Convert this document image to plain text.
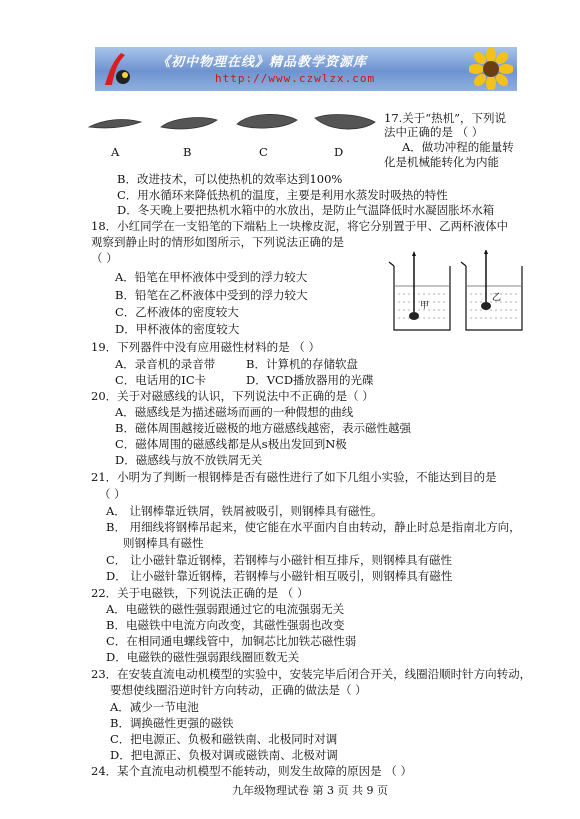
《初中物理在线》精品教学资源库
http://www.czwlzx.com
A	B	C	D
17.关于“热机”，下列说
法中正确的是 （ ）
A．做功冲程的能量转
化是机械能转化为内能
B．改进技术，可以使热机的效率达到100%
C．用水循环来降低热机的温度，主要是利用水蒸发时吸热的特性
D．冬天晚上要把热机水箱中的水放出，是防止气温降低时水凝固胀坏水箱
18．小红同学在一支铅笔的下端粘上一块橡皮泥，将它分别置于甲、乙两杯液体中
观察到静止时的情形如图所示，下列说法正确的是
（ ）
A．铅笔在甲杯液体中受到的浮力较大
B．铅笔在乙杯液体中受到的浮力较大
C．乙杯液体的密度较大
D．甲杯液体的密度较大
甲
乙
19．下列器件中没有应用磁性材料的是 （ ）
A．录音机的录音带	B．计算机的存储软盘
C．电话用的IC卡	D．VCD播放器用的光碟
20．关于对磁感线的认识，下列说法中不正确的是（ ）
A．磁感线是为描述磁场而画的一种假想的曲线
B．磁体周围越接近磁极的地方磁感线越密，表示磁性越强
C．磁体周围的磁感线都是从s极出发回到N极
D．磁感线与放不放铁屑无关
21．小明为了判断一根钢棒是否有磁性进行了如下几组小实验，不能达到目的是
（ ）
A． 让钢棒靠近铁屑，铁屑被吸引，则钢棒具有磁性。
B． 用细线将钢棒吊起来，使它能在水平面内自由转动，静止时总是指南北方向，
则钢棒具有磁性
C． 让小磁针靠近钢棒，若钢棒与小磁针相互排斥，则钢棒具有磁性
D． 让小磁针靠近钢棒，若钢棒与小磁针相互吸引，则钢棒具有磁性
22．关于电磁铁，下列说法正确的是 （ ）
A．电磁铁的磁性强弱跟通过它的电流强弱无关
B．电磁铁中电流方向改变，其磁性强弱也改变
C．在相同通电螺线管中，加铜芯比加铁芯磁性弱
D．电磁铁的磁性强弱跟线圈匝数无关
23．在安装直流电动机模型的实验中，安装完毕后闭合开关，线圈沿顺时针方向转动，
要想使线圈沿逆时针方向转动，正确的做法是（ ）
A．减少一节电池
B．调换磁性更强的磁铁
C．把电源正、负极和磁铁南、北极同时对调
D．把电源正、负极对调或磁铁南、北极对调
24．某个直流电动机模型不能转动，则发生故障的原因是 （ ）
九年级物理试卷 第 3 页 共 9 页
